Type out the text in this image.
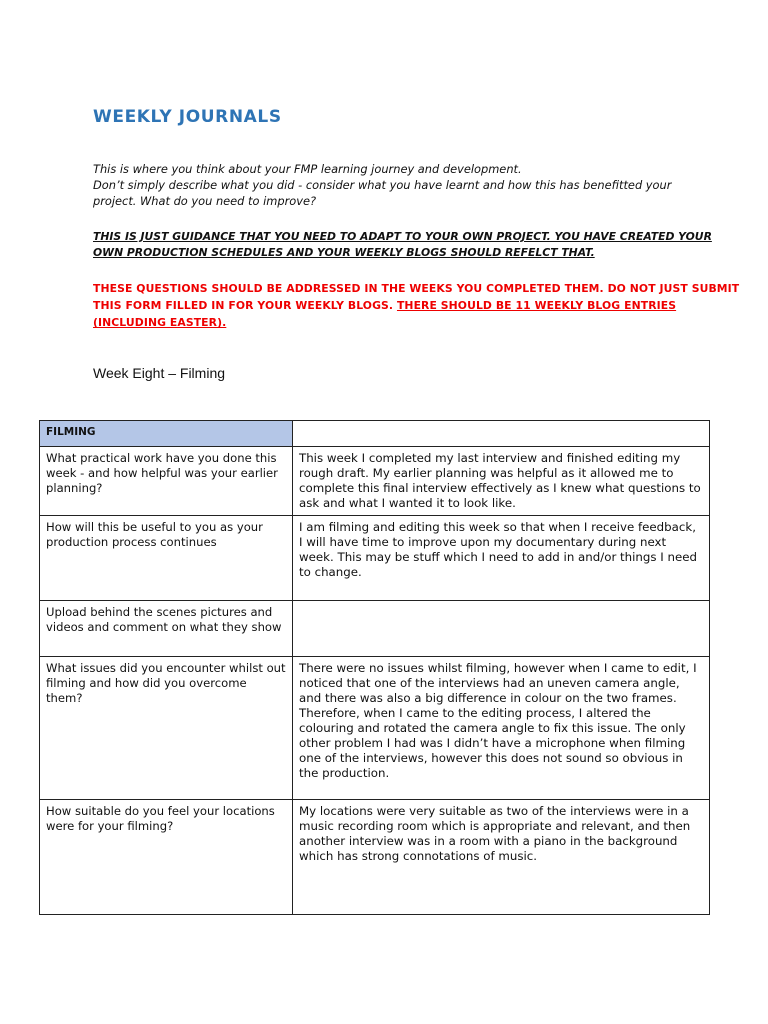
WEEKLY JOURNALS

This is where you think about your FMP learning journey and development.

Don’t simply describe what you did - consider what you have learnt and how this has benefitted your project. What do you need to improve?

THIS IS JUST GUIDANCE THAT YOU NEED TO ADAPT TO YOUR OWN PROJECT. YOU HAVE CREATED YOUR OWN PRODUCTION SCHEDULES AND YOUR WEEKLY BLOGS SHOULD REFELCT THAT.

THESE QUESTIONS SHOULD BE ADDRESSED IN THE WEEKS YOU COMPLETED THEM. DO NOT JUST SUBMIT THIS FORM FILLED IN FOR YOUR WEEKLY BLOGS. THERE SHOULD BE 11 WEEKLY BLOG ENTRIES (INCLUDING EASTER).

Week Eight – Filming

FILMING	
What practical work have you done this week - and how helpful was your earlier planning?	This week I completed my last interview and finished editing my rough draft. My earlier planning was helpful as it allowed me to complete this final interview effectively as I knew what questions to ask and what I wanted it to look like.
How will this be useful to you as your production process continues	I am filming and editing this week so that when I receive feedback, I will have time to improve upon my documentary during next week. This may be stuff which I need to add in and/or things I need to change.
Upload behind the scenes pictures and videos and comment on what they show	
What issues did you encounter whilst out filming and how did you overcome them?	There were no issues whilst filming, however when I came to edit, I noticed that one of the interviews had an uneven camera angle, and there was also a big difference in colour on the two frames.
Therefore, when I came to the editing process, I altered the colouring and rotated the camera angle to fix this issue. The only other problem I had was I didn’t have a microphone when filming one of the interviews, however this does not sound so obvious in the production.

How suitable do you feel your locations were for your filming?	My locations were very suitable as two of the interviews were in a music recording room which is appropriate and relevant, and then another interview was in a room with a piano in the background which has strong connotations of music.
